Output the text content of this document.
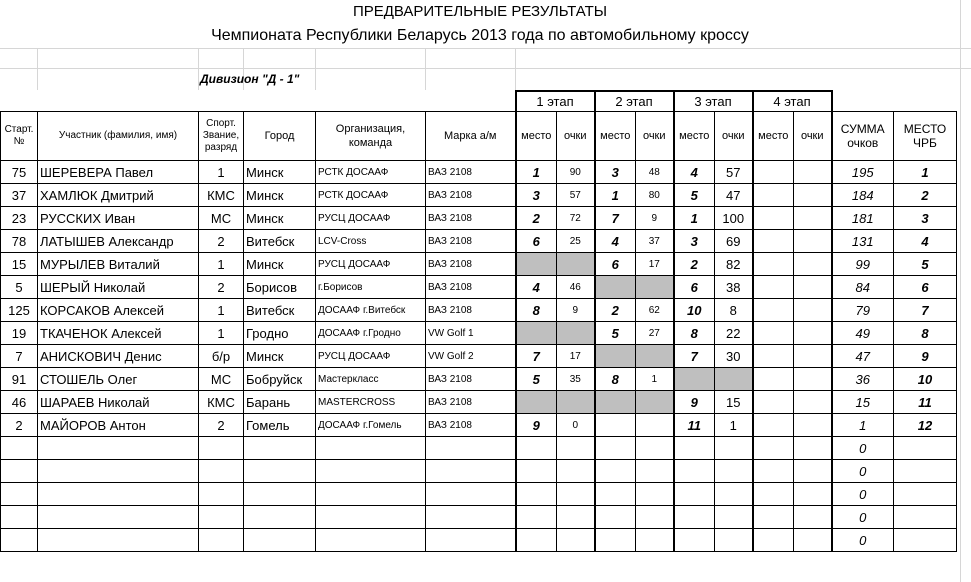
ПРЕДВАРИТЕЛЬНЫЕ РЕЗУЛЬТАТЫ
Чемпионата Республики Беларусь 2013 года по автомобильному кроссу
Дивизион "Д - 1"
						1 этап		2 этап		3 этап		4 этап			
Старт. №	Участник (фамилия, имя)	Спорт. Звание, разряд	Город	Организация, команда	Марка а/м	место	очки	место	очки	место	очки	место	очки	СУММА очков	МЕСТО ЧРБ
75	ШЕРЕВЕРА Павел	1	Минск	РСТК ДОСААФ	ВАЗ 2108	1	90	3	48	4	57			195	1
37	ХАМЛЮК Дмитрий	КМС	Минск	РСТК ДОСААФ	ВАЗ 2108	3	57	1	80	5	47			184	2
23	РУССКИХ Иван	МС	Минск	РУСЦ ДОСААФ	ВАЗ 2108	2	72	7	9	1	100			181	3
78	ЛАТЫШЕВ Александр	2	Витебск	LCV-Cross	ВАЗ 2108	6	25	4	37	3	69			131	4
15	МУРЫЛЕВ Виталий	1	Минск	РУСЦ ДОСААФ	ВАЗ 2108			6	17	2	82			99	5
5	ШЕРЫЙ Николай	2	Борисов	г.Борисов	ВАЗ 2108	4	46			6	38			84	6
125	КОРСАКОВ Алексей	1	Витебск	ДОСААФ г.Витебск	ВАЗ 2108	8	9	2	62	10	8			79	7
19	ТКАЧЕНОК Алексей	1	Гродно	ДОСААФ г.Гродно	VW Golf 1			5	27	8	22			49	8
7	АНИСКОВИЧ Денис	б/р	Минск	РУСЦ ДОСААФ	VW Golf 2	7	17			7	30			47	9
91	СТОШЕЛЬ Олег	МС	Бобруйск	Мастеркласс	ВАЗ 2108	5	35	8	1					36	10
46	ШАРАЕВ Николай	КМС	Барань	MASTERCROSS	ВАЗ 2108					9	15			15	11
2	МАЙОРОВ Антон	2	Гомель	ДОСААФ г.Гомель	ВАЗ 2108	9	0			11	1			1	12
														0	
														0	
														0	
														0	
														0	
